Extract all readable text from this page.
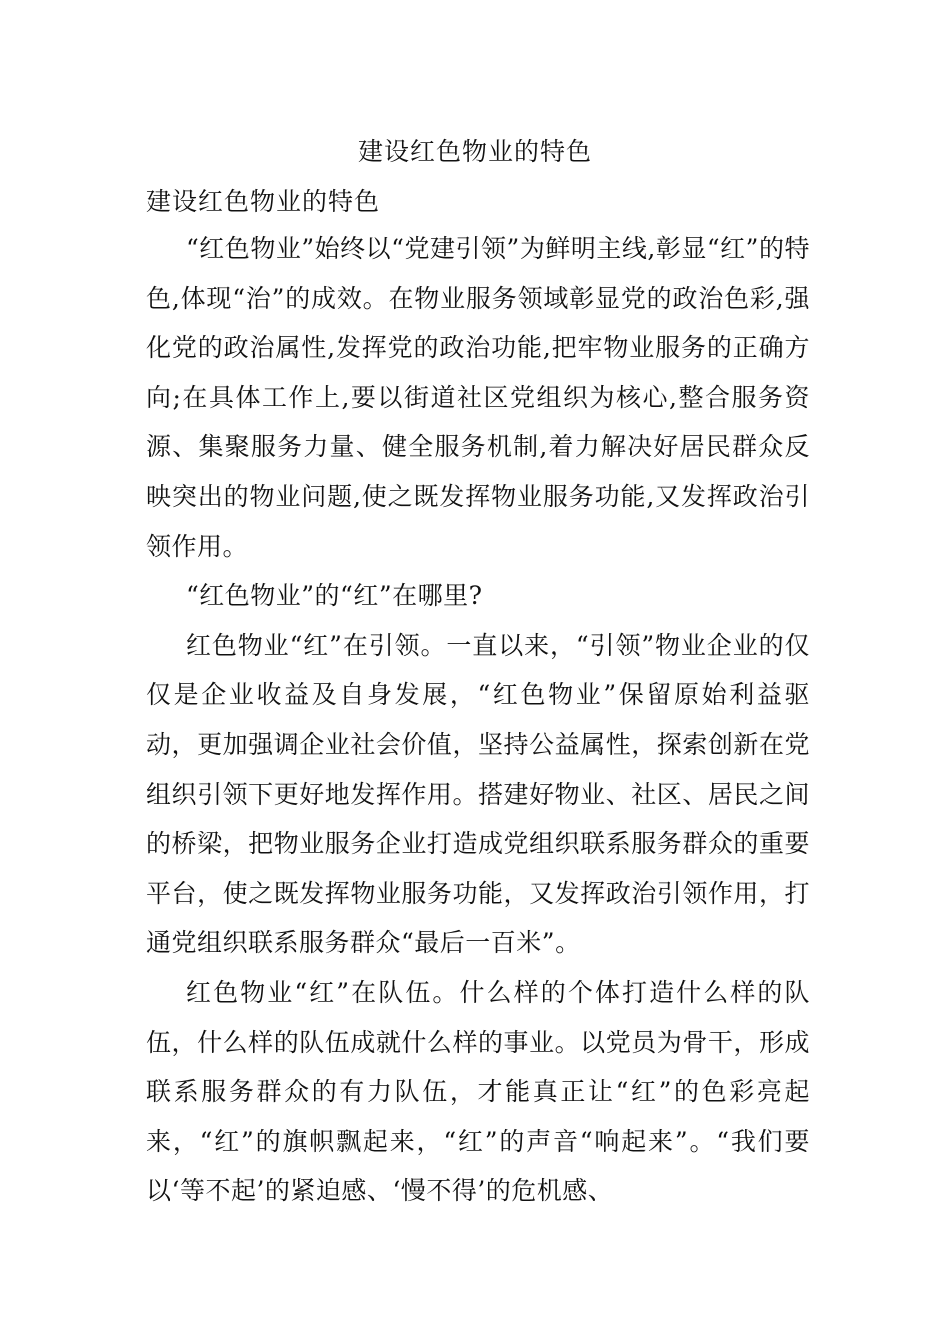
建设红色物业的特色
建设红色物业的特色

“红色物业”始终以“党建引领”为鲜明主线,彰显“红”的特色,体现“治”的成效。在物业服务领域彰显党的政治色彩,强化党的政治属性,发挥党的政治功能,把牢物业服务的正确方向;在具体工作上,要以街道社区党组织为核心,整合服务资源、集聚服务力量、健全服务机制,着力解决好居民群众反映突出的物业问题,使之既发挥物业服务功能,又发挥政治引领作用。

“红色物业”的“红”在哪里?

红色物业“红”在引领。一直以来，“引领”物业企业的仅仅是企业收益及自身发展，“红色物业”保留原始利益驱动，更加强调企业社会价值，坚持公益属性，探索创新在党组织引领下更好地发挥作用。搭建好物业、社区、居民之间的桥梁，把物业服务企业打造成党组织联系服务群众的重要平台，使之既发挥物业服务功能，又发挥政治引领作用，打通党组织联系服务群众“最后一百米”。

红色物业“红”在队伍。什么样的个体打造什么样的队伍，什么样的队伍成就什么样的事业。以党员为骨干，形成联系服务群众的有力队伍，才能真正让“红”的色彩亮起来，“红”的旗帜飘起来，“红”的声音“响起来”。“我们要以‘等不起’的紧迫感、‘慢不得’的危机感、
